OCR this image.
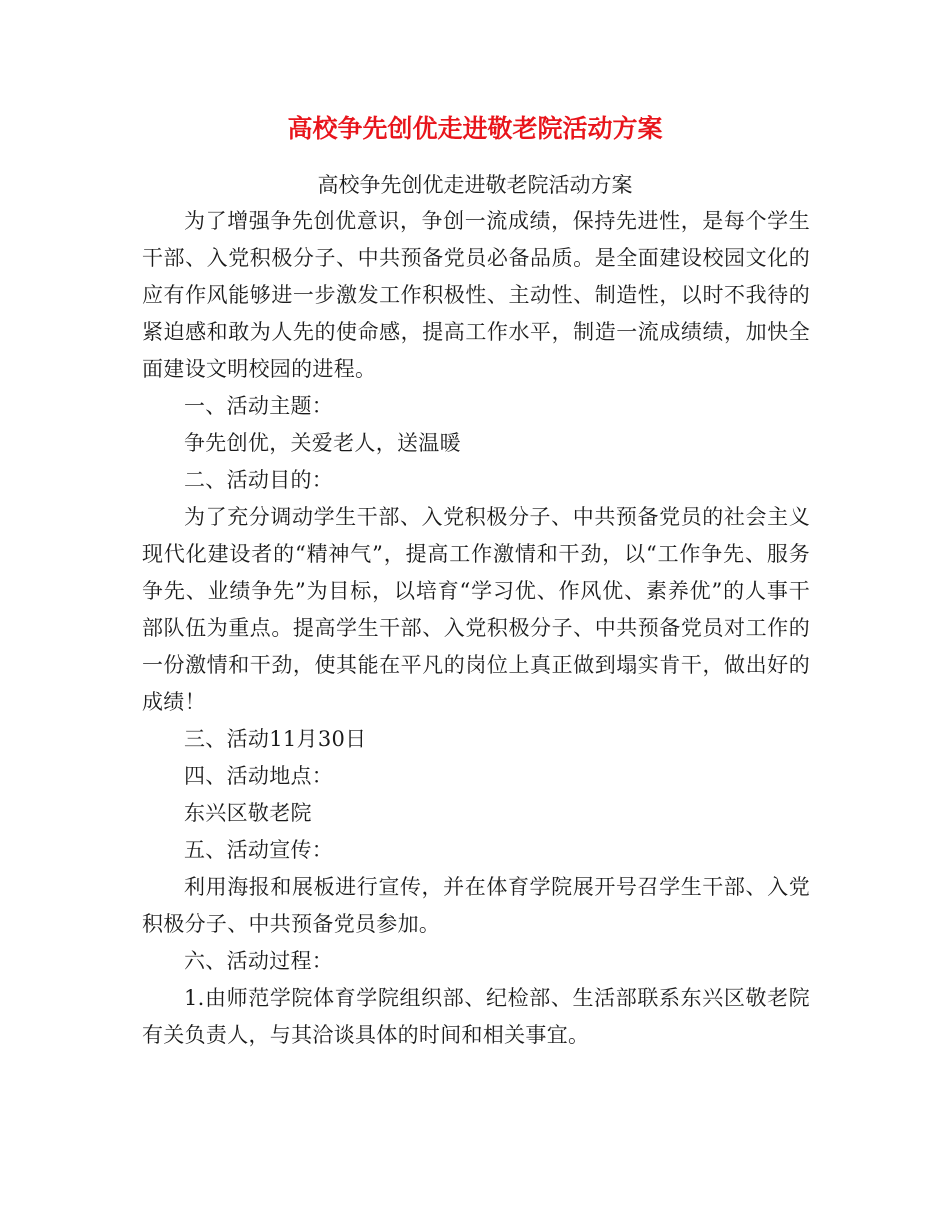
高校争先创优走进敬老院活动方案
高校争先创优走进敬老院活动方案

为了增强争先创优意识，争创一流成绩，保持先进性，是每个学生干部、入党积极分子、中共预备党员必备品质。是全面建设校园文化的应有作风能够进一步激发工作积极性、主动性、制造性，以时不我待的紧迫感和敢为人先的使命感，提高工作水平，制造一流成绩绩，加快全面建设文明校园的进程。

一、活动主题：

争先创优，关爱老人，送温暖

二、活动目的：

为了充分调动学生干部、入党积极分子、中共预备党员的社会主义现代化建设者的“精神气”，提高工作激情和干劲，以“工作争先、服务争先、业绩争先”为目标，以培育“学习优、作风优、素养优”的人事干部队伍为重点。提高学生干部、入党积极分子、中共预备党员对工作的一份激情和干劲，使其能在平凡的岗位上真正做到塌实肯干，做出好的成绩！

三、活动11月30日

四、活动地点：

东兴区敬老院

五、活动宣传：

利用海报和展板进行宣传，并在体育学院展开号召学生干部、入党积极分子、中共预备党员参加。

六、活动过程：

1.由师范学院体育学院组织部、纪检部、生活部联系东兴区敬老院有关负责人，与其洽谈具体的时间和相关事宜。
